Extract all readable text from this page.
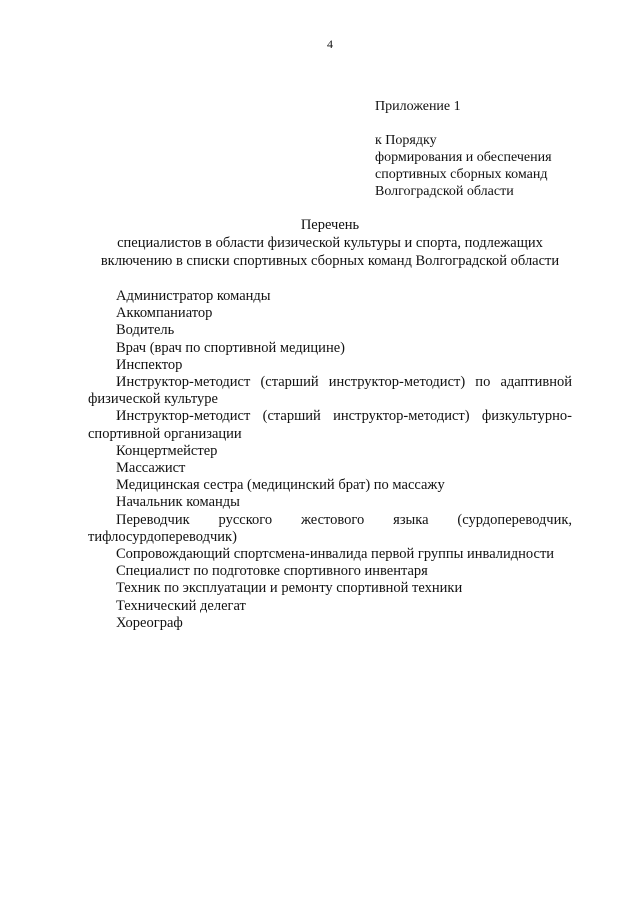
4
Приложение 1
к Порядку
формирования и обеспечения
спортивных сборных команд
Волгоградской области
Перечень
специалистов в области физической культуры и спорта, подлежащих
включению в списки спортивных сборных команд Волгоградской области
Администратор команды
Аккомпаниатор
Водитель
Врач (врач по спортивной медицине)
Инспектор
Инструктор-методист (старший инструктор-методист) по адаптивной
физической культуре
Инструктор-методист (старший инструктор-методист) физкультурно-
спортивной организации
Концертмейстер
Массажист
Медицинская сестра (медицинский брат) по массажу
Начальник команды
Переводчик русского жестового языка (сурдопереводчик,
тифлосурдопереводчик)
Сопровождающий спортсмена-инвалида первой группы инвалидности
Специалист по подготовке спортивного инвентаря
Техник по эксплуатации и ремонту спортивной техники
Технический делегат
Хореограф
